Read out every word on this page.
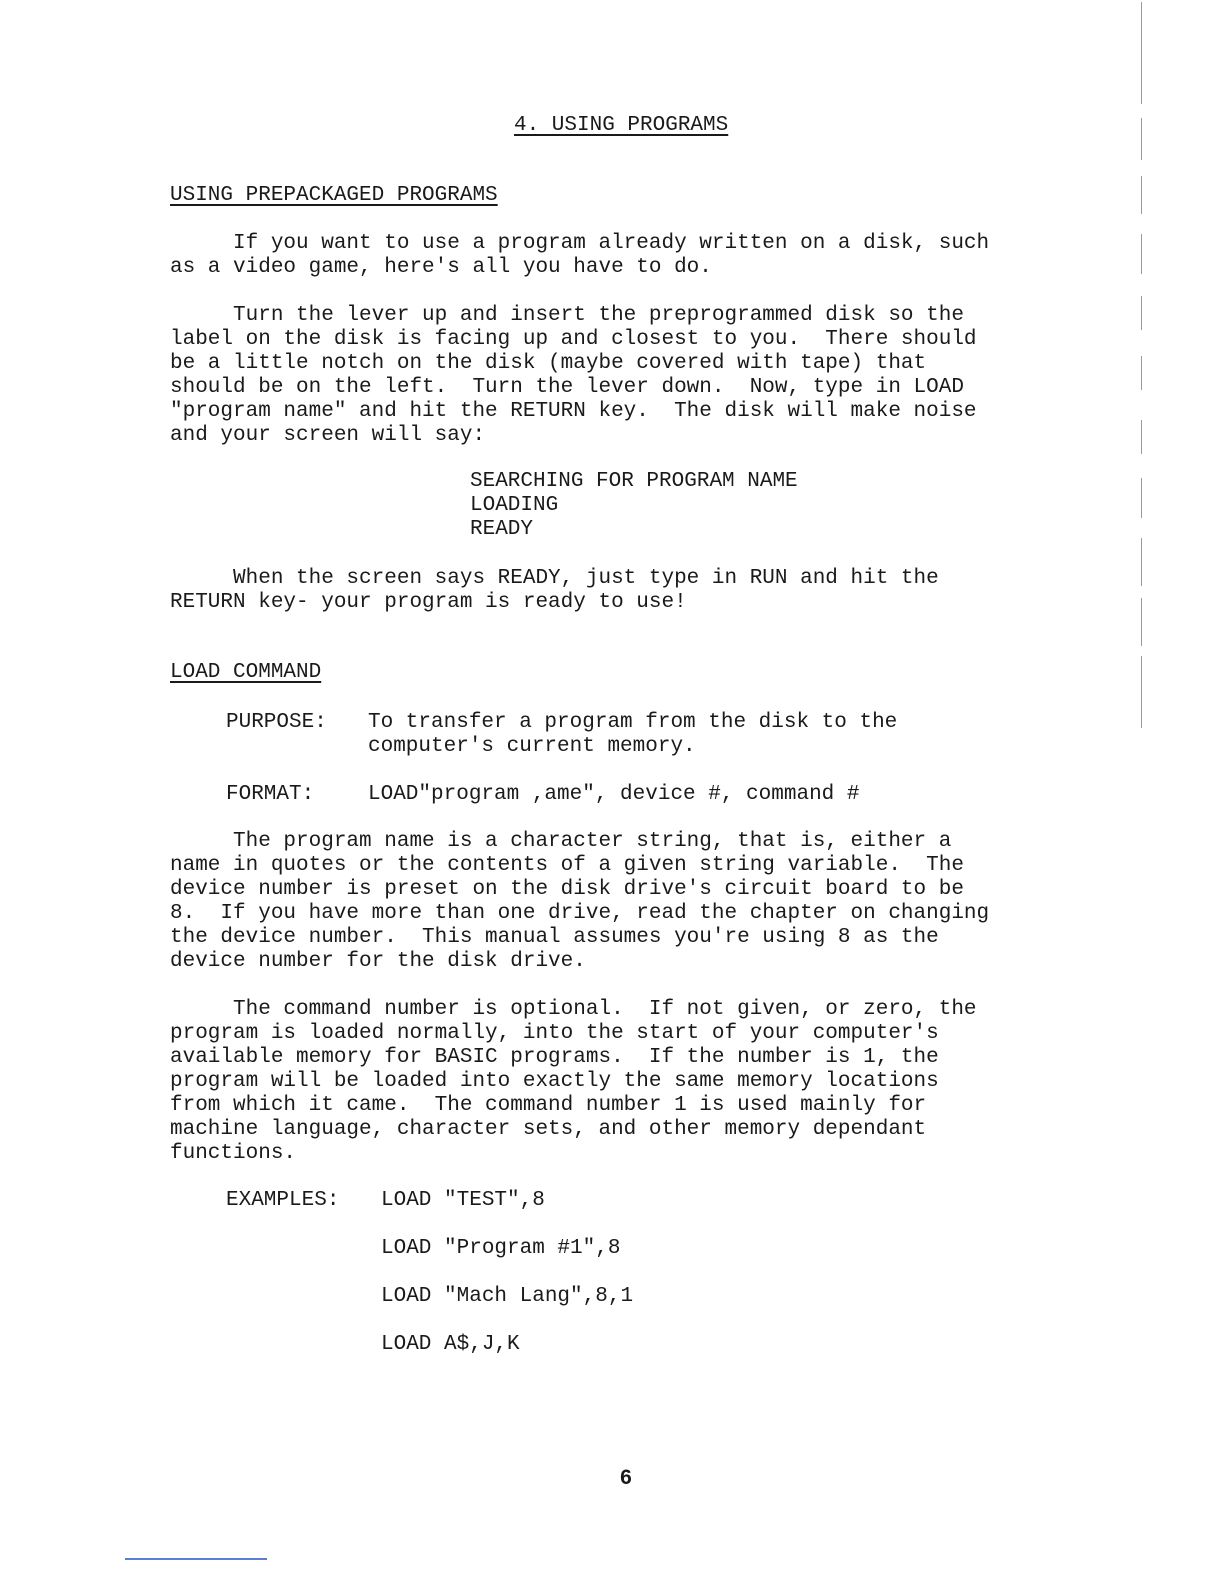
4. USING PROGRAMS
USING PREPACKAGED PROGRAMS
If you want to use a program already written on a disk, such
as a video game, here's all you have to do.
Turn the lever up and insert the preprogrammed disk so the
label on the disk is facing up and closest to you.  There should
be a little notch on the disk (maybe covered with tape) that
should be on the left.  Turn the lever down.  Now, type in LOAD
"program name" and hit the RETURN key.  The disk will make noise
and your screen will say:
SEARCHING FOR PROGRAM NAME
LOADING
READY
When the screen says READY, just type in RUN and hit the
RETURN key- your program is ready to use!
LOAD COMMAND
PURPOSE: To transfer a program from the disk to the
computer's current memory.
FORMAT:	LOAD"program ,ame", device #, command #
The program name is a character string, that is, either a
name in quotes or the contents of a given string variable.  The
device number is preset on the disk drive's circuit board to be
8.  If you have more than one drive, read the chapter on changing
the device number.  This manual assumes you're using 8 as the
device number for the disk drive.
The command number is optional.  If not given, or zero, the
program is loaded normally, into the start of your computer's
available memory for BASIC programs.  If the number is 1, the
program will be loaded into exactly the same memory locations
from which it came.  The command number 1 is used mainly for
machine language, character sets, and other memory dependant
functions.
EXAMPLES: LOAD "TEST",8
LOAD "Program #1",8
LOAD "Mach Lang",8,1
LOAD A$,J,K
6
